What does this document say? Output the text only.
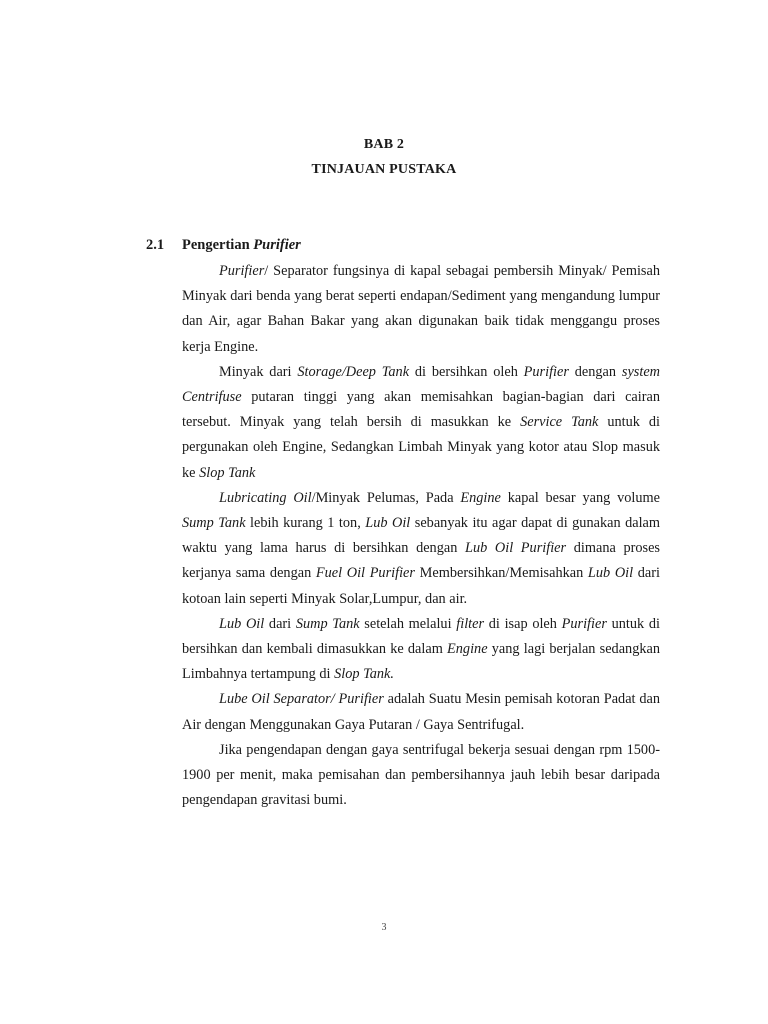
BAB 2
TINJAUAN PUSTAKA
2.1 Pengertian Purifier

Purifier/ Separator fungsinya di kapal sebagai pembersih Minyak/ Pemisah Minyak dari benda yang berat seperti endapan/Sediment yang mengandung lumpur dan Air, agar Bahan Bakar yang akan digunakan baik tidak menggangu proses kerja Engine.

Minyak dari Storage/Deep Tank di bersihkan oleh Purifier dengan system Centrifuse putaran tinggi yang akan memisahkan bagian-bagian dari cairan tersebut. Minyak yang telah bersih di masukkan ke Service Tank untuk di pergunakan oleh Engine, Sedangkan Limbah Minyak yang kotor atau Slop masuk ke Slop Tank

Lubricating Oil/Minyak Pelumas, Pada Engine kapal besar yang volume Sump Tank lebih kurang 1 ton, Lub Oil sebanyak itu agar dapat di gunakan dalam waktu yang lama harus di bersihkan dengan Lub Oil Purifier dimana proses kerjanya sama dengan Fuel Oil Purifier Membersihkan/Memisahkan Lub Oil dari kotoan lain seperti Minyak Solar,Lumpur, dan air.

Lub Oil dari Sump Tank setelah melalui filter di isap oleh Purifier untuk di bersihkan dan kembali dimasukkan ke dalam Engine yang lagi berjalan sedangkan Limbahnya tertampung di Slop Tank.

Lube Oil Separator/ Purifier adalah Suatu Mesin pemisah kotoran Padat dan Air dengan Menggunakan Gaya Putaran / Gaya Sentrifugal.

Jika pengendapan dengan gaya sentrifugal bekerja sesuai dengan rpm 1500-1900 per menit, maka pemisahan dan pembersihannya jauh lebih besar daripada pengendapan gravitasi bumi.

3
